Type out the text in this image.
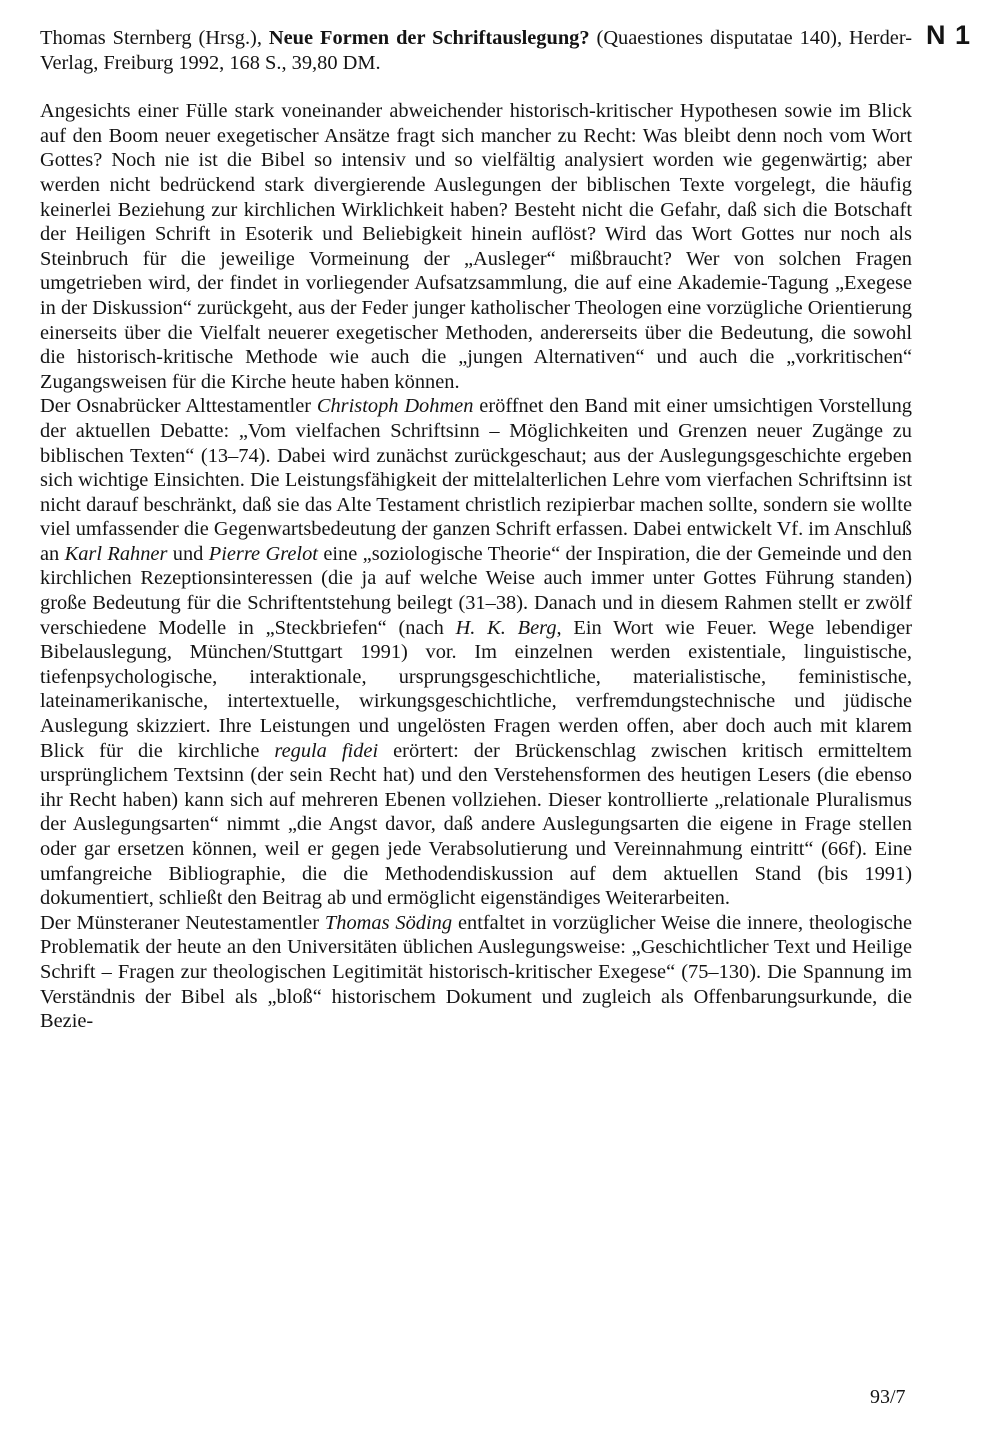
N 1

Thomas Sternberg (Hrsg.), Neue Formen der Schriftauslegung? (Quaestiones disputatae 140), Herder-Verlag, Freiburg 1992, 168 S., 39,80 DM.

Angesichts einer Fülle stark voneinander abweichender historisch-kritischer Hypothesen sowie im Blick auf den Boom neuer exegetischer Ansätze fragt sich mancher zu Recht: Was bleibt denn noch vom Wort Gottes? Noch nie ist die Bibel so intensiv und so vielfältig analysiert worden wie gegenwärtig; aber werden nicht bedrückend stark divergierende Auslegungen der biblischen Texte vorgelegt, die häufig keinerlei Beziehung zur kirchlichen Wirklichkeit haben? Besteht nicht die Gefahr, daß sich die Botschaft der Heiligen Schrift in Esoterik und Beliebigkeit hinein auflöst? Wird das Wort Gottes nur noch als Steinbruch für die jeweilige Vormeinung der „Ausleger“ mißbraucht? Wer von solchen Fragen umgetrieben wird, der findet in vorliegender Aufsatzsammlung, die auf eine Akademie-Tagung „Exegese in der Diskussion“ zurückgeht, aus der Feder junger katholischer Theologen eine vorzügliche Orientierung einerseits über die Vielfalt neuerer exegetischer Methoden, andererseits über die Bedeutung, die sowohl die historisch-kritische Methode wie auch die „jungen Alternativen“ und auch die „vorkritischen“ Zugangsweisen für die Kirche heute haben können.

Der Osnabrücker Alttestamentler Christoph Dohmen eröffnet den Band mit einer umsichtigen Vorstellung der aktuellen Debatte: „Vom vielfachen Schriftsinn – Möglichkeiten und Grenzen neuer Zugänge zu biblischen Texten“ (13–74). Dabei wird zunächst zurückgeschaut; aus der Auslegungsgeschichte ergeben sich wichtige Einsichten. Die Leistungsfähigkeit der mittelalterlichen Lehre vom vierfachen Schriftsinn ist nicht darauf beschränkt, daß sie das Alte Testament christlich rezipierbar machen sollte, sondern sie wollte viel umfassender die Gegenwartsbedeutung der ganzen Schrift erfassen. Dabei entwickelt Vf. im Anschluß an Karl Rahner und Pierre Grelot eine „soziologische Theorie“ der Inspiration, die der Gemeinde und den kirchlichen Rezeptionsinteressen (die ja auf welche Weise auch immer unter Gottes Führung standen) große Bedeutung für die Schriftentstehung beilegt (31–38). Danach und in diesem Rahmen stellt er zwölf verschiedene Modelle in „Steckbriefen“ (nach H. K. Berg, Ein Wort wie Feuer. Wege lebendiger Bibelauslegung, München/Stuttgart 1991) vor. Im einzelnen werden existentiale, linguistische, tiefenpsychologische, interaktionale, ursprungsgeschichtliche, materialistische, feministische, lateinamerikanische, intertextuelle, wirkungsgeschichtliche, verfremdungstechnische und jüdische Auslegung skizziert. Ihre Leistungen und ungelösten Fragen werden offen, aber doch auch mit klarem Blick für die kirchliche regula fidei erörtert: der Brückenschlag zwischen kritisch ermitteltem ursprünglichem Textsinn (der sein Recht hat) und den Verstehensformen des heutigen Lesers (die ebenso ihr Recht haben) kann sich auf mehreren Ebenen vollziehen. Dieser kontrollierte „relationale Pluralismus der Auslegungsarten“ nimmt „die Angst davor, daß andere Auslegungsarten die eigene in Frage stellen oder gar ersetzen können, weil er gegen jede Verabsolutierung und Vereinnahmung eintritt“ (66f). Eine umfangreiche Bibliographie, die die Methodendiskussion auf dem aktuellen Stand (bis 1991) dokumentiert, schließt den Beitrag ab und ermöglicht eigenständiges Weiterarbeiten.

Der Münsteraner Neutestamentler Thomas Söding entfaltet in vorzüglicher Weise die innere, theologische Problematik der heute an den Universitäten üblichen Auslegungsweise: „Geschichtlicher Text und Heilige Schrift – Fragen zur theologischen Legitimität historisch-kritischer Exegese“ (75–130). Die Spannung im Verständnis der Bibel als „bloß“ historischem Dokument und zugleich als Offenbarungsurkunde, die Bezie-

93/7
